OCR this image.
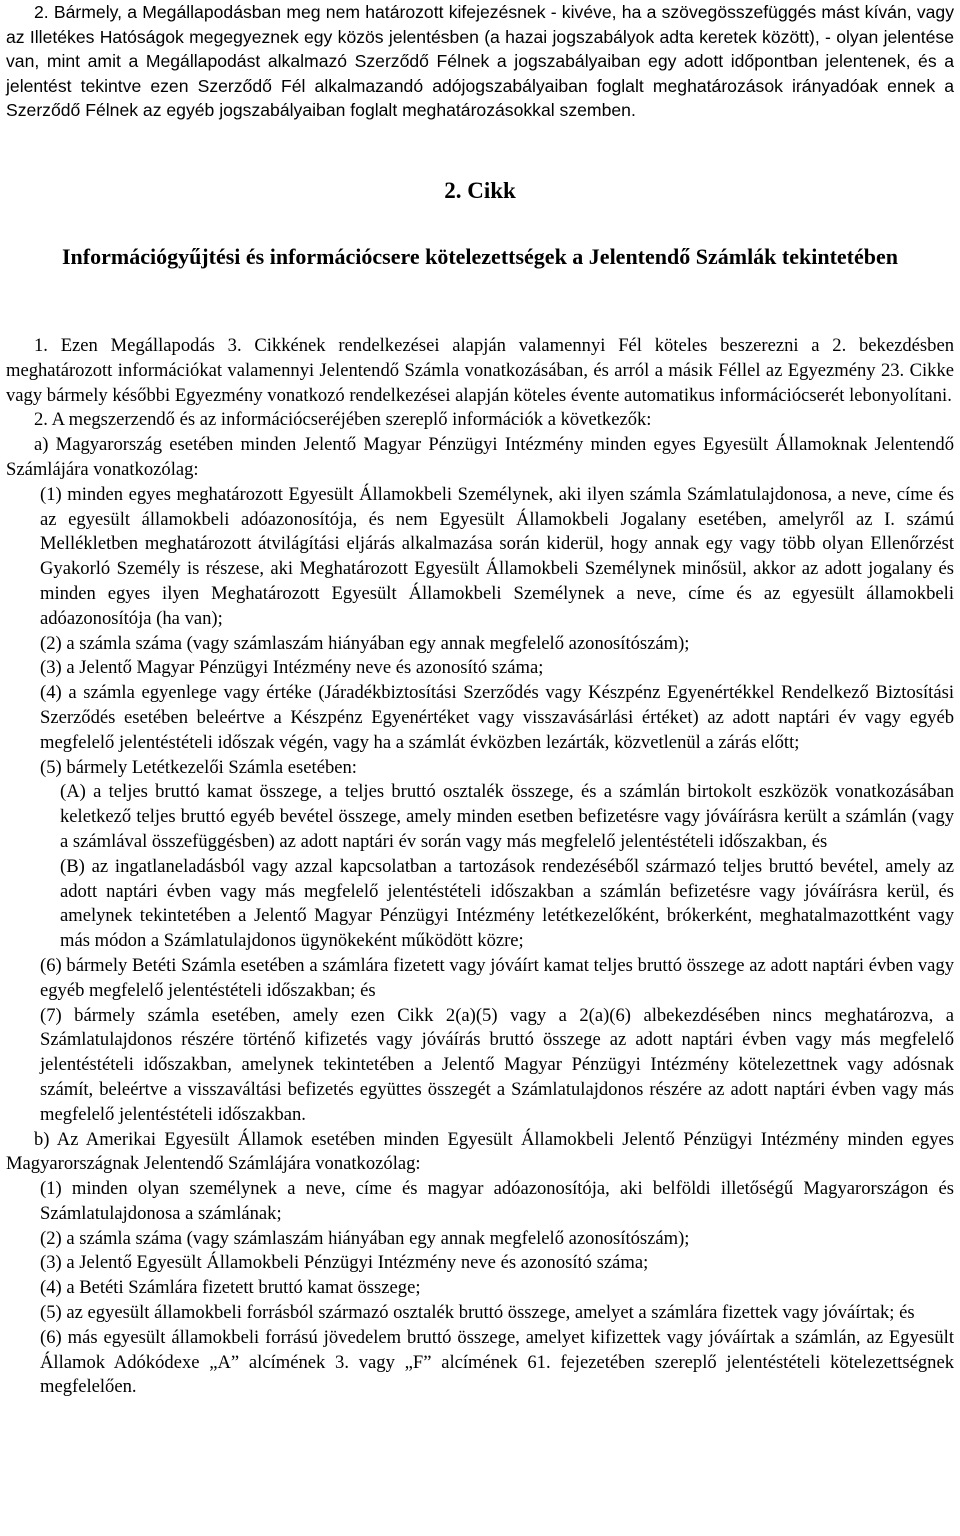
2. Bármely, a Megállapodásban meg nem határozott kifejezésnek - kivéve, ha a szövegösszefüggés mást kíván, vagy az Illetékes Hatóságok megegyeznek egy közös jelentésben (a hazai jogszabályok adta keretek között), - olyan jelentése van, mint amit a Megállapodást alkalmazó Szerződő Félnek a jogszabályaiban egy adott időpontban jelentenek, és a jelentést tekintve ezen Szerződő Fél alkalmazandó adójogszabályaiban foglalt meghatározások irányadóak ennek a Szerződő Félnek az egyéb jogszabályaiban foglalt meghatározásokkal szemben.

2. Cikk

Információgyűjtési és információcsere kötelezettségek a Jelentendő Számlák tekintetében

1. Ezen Megállapodás 3. Cikkének rendelkezései alapján valamennyi Fél köteles beszerezni a 2. bekezdésben meghatározott információkat valamennyi Jelentendő Számla vonatkozásában, és arról a másik Féllel az Egyezmény 23. Cikke vagy bármely későbbi Egyezmény vonatkozó rendelkezései alapján köteles évente automatikus információcserét lebonyolítani.

2. A megszerzendő és az információcseréjében szereplő információk a következők:

a) Magyarország esetében minden Jelentő Magyar Pénzügyi Intézmény minden egyes Egyesült Államoknak Jelentendő Számlájára vonatkozólag:

(1) minden egyes meghatározott Egyesült Államokbeli Személynek, aki ilyen számla Számlatulajdonosa, a neve, címe és az egyesült államokbeli adóazonosítója, és nem Egyesült Államokbeli Jogalany esetében, amelyről az I. számú Mellékletben meghatározott átvilágítási eljárás alkalmazása során kiderül, hogy annak egy vagy több olyan Ellenőrzést Gyakorló Személy is részese, aki Meghatározott Egyesült Államokbeli Személynek minősül, akkor az adott jogalany és minden egyes ilyen Meghatározott Egyesült Államokbeli Személynek a neve, címe és az egyesült államokbeli adóazonosítója (ha van);

(2) a számla száma (vagy számlaszám hiányában egy annak megfelelő azonosítószám);

(3) a Jelentő Magyar Pénzügyi Intézmény neve és azonosító száma;

(4) a számla egyenlege vagy értéke (Járadékbiztosítási Szerződés vagy Készpénz Egyenértékkel Rendelkező Biztosítási Szerződés esetében beleértve a Készpénz Egyenértéket vagy visszavásárlási értéket) az adott naptári év vagy egyéb megfelelő jelentéstételi időszak végén, vagy ha a számlát évközben lezárták, közvetlenül a zárás előtt;

(5) bármely Letétkezelői Számla esetében:

(A) a teljes bruttó kamat összege, a teljes bruttó osztalék összege, és a számlán birtokolt eszközök vonatkozásában keletkező teljes bruttó egyéb bevétel összege, amely minden esetben befizetésre vagy jóváírásra került a számlán (vagy a számlával összefüggésben) az adott naptári év során vagy más megfelelő jelentéstételi időszakban, és

(B) az ingatlaneladásból vagy azzal kapcsolatban a tartozások rendezéséből származó teljes bruttó bevétel, amely az adott naptári évben vagy más megfelelő jelentéstételi időszakban a számlán befizetésre vagy jóváírásra kerül, és amelynek tekintetében a Jelentő Magyar Pénzügyi Intézmény letétkezelőként, brókerként, meghatalmazottként vagy más módon a Számlatulajdonos ügynökeként működött közre;

(6) bármely Betéti Számla esetében a számlára fizetett vagy jóváírt kamat teljes bruttó összege az adott naptári évben vagy egyéb megfelelő jelentéstételi időszakban; és

(7) bármely számla esetében, amely ezen Cikk 2(a)(5) vagy a 2(a)(6) albekezdésében nincs meghatározva, a Számlatulajdonos részére történő kifizetés vagy jóváírás bruttó összege az adott naptári évben vagy más megfelelő jelentéstételi időszakban, amelynek tekintetében a Jelentő Magyar Pénzügyi Intézmény kötelezettnek vagy adósnak számít, beleértve a visszaváltási befizetés együttes összegét a Számlatulajdonos részére az adott naptári évben vagy más megfelelő jelentéstételi időszakban.

b) Az Amerikai Egyesült Államok esetében minden Egyesült Államokbeli Jelentő Pénzügyi Intézmény minden egyes Magyarországnak Jelentendő Számlájára vonatkozólag:

(1) minden olyan személynek a neve, címe és magyar adóazonosítója, aki belföldi illetőségű Magyarországon és Számlatulajdonosa a számlának;

(2) a számla száma (vagy számlaszám hiányában egy annak megfelelő azonosítószám);

(3) a Jelentő Egyesült Államokbeli Pénzügyi Intézmény neve és azonosító száma;

(4) a Betéti Számlára fizetett bruttó kamat összege;

(5) az egyesült államokbeli forrásból származó osztalék bruttó összege, amelyet a számlára fizettek vagy jóváírtak; és

(6) más egyesült államokbeli forrású jövedelem bruttó összege, amelyet kifizettek vagy jóváírtak a számlán, az Egyesült Államok Adókódexe „A” alcímének 3. vagy „F” alcímének 61. fejezetében szereplő jelentéstételi kötelezettségnek megfelelően.
